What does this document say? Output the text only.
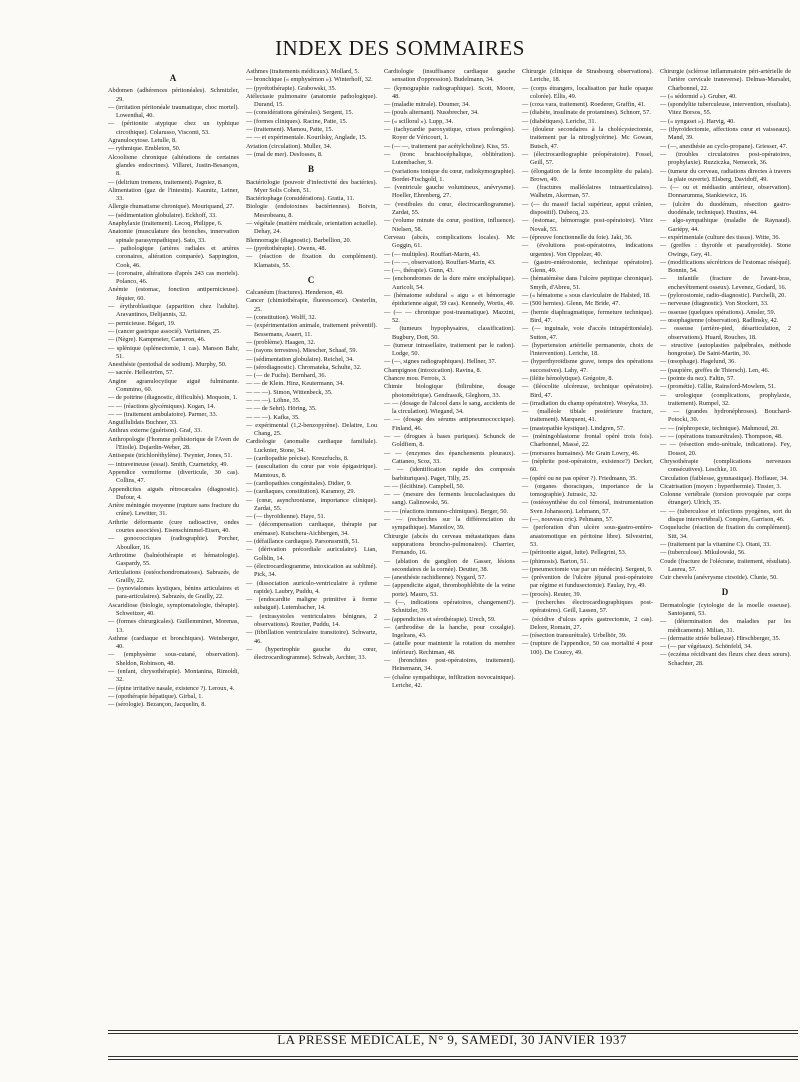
INDEX DES SOMMAIRES
A
Abdomen (adhérences péritonéales). Schmitzler, 29.
— (irritation péritonéale traumatique, choc mortel). Lowenthal, 40.
— (péritonite atypique chez un typhique circothique). Colarusso, Visconti, 53.
Agranulocytose. Letulle, 8.
— rythmique. Embleton, 50.
Alcoolisme chronique (altérations de certaines glandes endocrines). Villaret, Justin-Besançon, 8.
— (delirium tremens, traitement). Pagniez, 8.
Alimentation (gaz de l'intestin). Kaunitz, Leiner, 33.
Allergie rhumatisme chronique). Mouriquand, 27.
— (sédimentation globulaire). Eckhoff, 33.
Anaphylaxie (traitement). Lecoq, Philippe, 6.
Anatomie (musculature des bronches, innervation spinale parasympathique). Sato, 33.
— pathologique (artères radiales et artères coronaires, altération comparée). Sappington, Cook, 46.
— (coronaire, altérations d'après 243 cas mortels). Polanco, 46.
Anémie (estomac, fonction antipernicieuse). Jéquier, 60.
— érythroblastique (apparition chez l'adulte). Aravantinos, Delijannis, 32.
— pernicieuse. Bégart, 19.
— (cancer gastrique associé). Vartiainen, 25.
— (Nègre). Kampmeier, Cameron, 46.
— splénique (splénectomie, 1 cas). Manson Bahr, 51.
Anesthésie (pentothal de sodium). Murphy, 50.
— sacrée. Helleström, 57.
Angine agranulocytique aiguë fulminante. Commino, 60.
— de poitrine (diagnostic, difficultés). Moquoin, 1.
— — (réactions glycémiques). Kogan, 14.
— — (traitement ambulatoire). Parmer, 33.
Anguillulidais Buchner, 33.
Anthrax externe (guérison). Graf, 33.
Anthropologie (l'homme préhistorique de l'Aven de l'Etoile). Dujardin-Weber, 28.
Antisepsie (trichloréthylène). Twynter, Jones, 51.
— intraveineuse (essai). Smith, Czarnetzky, 49.
Appendice vermiforme (diverticule, 30 cas). Collins, 47.
Appendicites aiguës rétrocæcales (diagnostic). Dufour, 4.
Artère méningée moyenne (rupture sans fracture du crâne). Lewitter, 31.
Arthrite déformante (cure radioactive, ondes courtes associées). Eisenschimmel-Eisen, 40.
— gonococciques (radiographie). Porcher, Aboulker, 16.
Arthrotime (balnéothérapie et hématologie). Gaspardy, 55.
Articulations (ostéochondromatoses). Sabrazès, de Grailly, 22.
— (synovialomes kystiques, bénins articulaires et para-articulaires). Sabrazès, de Grailly, 22.
Ascaridiose (biologie, symptomatologie, thérapie). Schweitzer, 40.
— (formes chirurgicales). Guillemminet, Morenas, 13.
Asthme (cardiaque et bronchiques). Weinberger, 40.
— (emphysème sous-cutané, observation). Sheldon, Robinson, 48.
— (enfant, chrysothérapie). Montanina, Rimoldi, 32.
— (épine irritative nasale, existence ?). Leroux, 4.
— (opothérapie hépatique). Girbal, 1.
— (sérologie). Bezançon, Jacquelin, 8.
Asthmes (traitements médicaux). Mollard, 5.
— bronchique (« emphysémon »). Winterhoff, 32.
— (pyrétothérapie). Grabowski, 35.
Atélectasie pulmonaire (anatomie pathologique). Durand, 15.
— (considérations générales). Sergent, 15.
— (formes cliniques). Racine, Patte, 15.
— (traitement). Mamou, Patte, 15.
— — et expérimentale. Kourilsky, Anglade, 15.
Aviation (circulation). Muller, 34.
— (mal de mer). Desfosses, 8.
B
Bactériologie (pouvoir d'infectivité des bactéries). Myer Solis Cohen, 51.
Bactériophage (considérations). Gratia, 11.
Biologie (endotoxines bactériennes). Boivin, Mesrobeanu, 8.
— végétale (matière médicale, orientation actuelle). Dehay, 24.
Blennorragie (diagnostic). Barbellion, 20.
— (pyrétothérapie). Owens, 48.
— (réaction de fixation du complément). Klamatsis, 55.
C
Calcanéum (fractures). Henderson, 49.
Cancer (chimiothérapie, fluorescence). Oesterlin, 25.
— (constitution). Wolff, 32.
— (expérimentation animale, traitement préventif). Bessemans, Asaert, 11.
— (problème). Haagen, 32.
— (rayons terrestres). Miescher, Schaaf, 59.
— (sédimentation globulaire). Reichel, 34.
— (sérodiagnostic). Chromateka, Schulte, 32.
— (— de Fuchs). Bernhard, 36.
— — de Klein. Hinz, Keutermann, 34.
— — —). Simon, Wittenbeck, 35.
— — —). Löhne, 35.
— — de Sehrt). Höring, 35.
— — —). Kafka, 35.
— expérimental (1,2-benzopyrène). Delaitre, Lou Chang, 25.
Cardiologie (anomalie cardiaque familiale). Lucknier, Stone, 34.
— (cardiopathie précise). Kreuzfuchs, 8.
— (auscultation du cœur par voie épigastrique). Mamtoux, 8.
— (cardiopathies congénitales). Didier, 9.
— (cardiaques, constitution). Karamoy, 29.
— (cœur, asynchronisme, importance clinique). Zardat, 55.
— (— thyroïdienne). Haye, 51.
— (décompensation cardiaque, thérapie par enémase). Kutschera-Aichbergen, 34.
— (défaillance cardiaque). Parsonssmith, 51.
— (dérivation précordiale auriculaire). Lian, Golblin, 14.
— (électrocardiogramme, intoxication au sublimé). Pick, 34.
— (dissociation auriculo-ventriculaire à rythme rapide). Laubry, Puddu, 4.
— (endocardite maligne primitive à forme subaiguë). Lutembacher, 14.
— (extrasystoles ventriculaires bénignes, 2 observations). Routier, Puddu, 14.
— (fibrillation ventriculaire transitoire). Schwartz, 46.
— (hypertrophie gauche du cœur, électrocardiogramme). Schwab, Aechter, 33.
Cardiologie (insuffisance cardiaque gauche sensation d'oppression). Budelmann, 34.
— (kymographie radiographique). Scott, Moore, 48.
— (maladie mitrale). Doumer, 34.
— (pouls alternant). Nussbrecher, 34.
— (« scilloral »). Lupp, 34.
— (tachycardie paroxystique, crises prolongées). Royer de Véricourt, 1.
— (— —, traitement par acétylcholine). Kiss, 55.
— (tronc brachiocéphalique, oblitération). Lutembacher, 9.
— (variations tonique du cœur, radiokymographie). Bordet-Fischgold, 1.
— (ventricule gauche volumineux, anévrysme). Hoeller, Ehrenberg, 27.
— (vestibules du cœur, électrocardiogramme). Zardat, 55.
— (volume minute du cœur, position, influence). Nielsen, 58.
Cerveau (abcès, complications locales). Mc Goggin, 61.
— (— multiples). Rouffart-Marin, 43.
— (— —, observation). Rouffart-Marin, 43.
— (—, thérapie). Gunn, 43.
— (enchondromes de la dure mère encéphalique). Auricoli, 54.
— (hématome subdural « aigu » et hémorragie épidurienne aiguë, 59 cas). Kennedy, Wortis, 49.
— (— — chronique post-traumatique). Mazzini, 52.
— (tumeurs hypophysaires, classification). Bugbury, Dott, 50.
— (tumeur intrasellaire, traitement par le radon). Lodge, 50.
— (—, signes radiographiques). Hellner, 37.
Champignon (intoxication). Ravina, 8.
Chancre mou. Ferrois, 3.
Chimie biologique (bilirubine, dosage photométrique). Gendrassik, Gleghorn, 33.
— — (dosage de l'alcool dans le sang, accidents de la circulation). Wiegand, 34.
— — (dosage des sérums antipneumococcique). Finland, 46.
— — (drogues à bases puriques). Schunck de Goldfiem, 8.
— — (enzymes des épanchements pleuraux). Cattaneo, Scoz, 33.
— — (identification rapide des composés barbituriques). Paget, Tilly, 25.
— — (lécithine). Campbell, 50.
— — (mesure des ferments leucolaclasiques du sang). Galinowski, 56.
— — (réactions immuno-chimiques). Berger, 50.
— — (recherches sur la différenciation du sympathique). Manoilov, 39.
Chirurgie (abcès du cerveau métastatiques dans suppurations broncho-pulmonaires). Charrier, Fernando, 16.
— (ablation du ganglion de Gasser, lésions secondaires de la cornée). Deutter, 38.
— (anesthésie rachidienne). Nygard, 57.
— (appendicite aiguë, thrombophlébite de la veine porte). Mauro, 53.
— (—, indications opératoires, changement?). Schnitzler, 39.
— (appendicites et sérothérapie). Urech, 59.
— (arthrodèse de la hanche, pour coxalgie). Ingelrans, 43.
— (attelle pour maintenir la rotation du membre inférieur). Rechtman, 48.
— (bronchites post-opératoires, traitement). Heinemann, 34.
— (chaîne sympathique, infiltration novocainique). Leriche, 42.
Chirurgie (clinique de Strasbourg observations). Leriche, 18.
— (corps étrangers, localisation par huile opaque colorée). Ellis, 49.
— (coxa vara, traitement). Roederer, Graffin, 41.
— (diabète, insulinate de protamines). Schnorr, 57.
— (diabétiques). Leriche, 31.
— (douleur secondaires à la cholécystectomie, traitement par la nitroglycérine). Mc Gowan, Butsch, 47.
— (électrocardiographie préopératoire). Fossel, Geill, 57.
— (élongation de la fente incomplète du palais). Brown, 49.
— (fractures malléolaires intraarticulaires). Walheim, Akerman, 57.
— (— du massif facial supérieur, appui crânien, dispositif). Dubecq, 23.
— (estomac, hémorragie post-opératoire). Vitez Novak, 55.
— (épreuve fonctionnelle du foie). Jaki, 36.
— (évolutions post-opératoires, indications urgentes). Von Oppolzer, 40.
— (gastro-entérostomie, technique opératoire). Glenn, 49.
— (hématémèse dans l'ulcère peptique chronique). Smyth, d'Abreu, 51.
— (« hématome » sous claviculaire de Halsted, 18.
— (500 hernies). Glenn, Mc Bride, 47.
— (hernie diaphragmatique, fermeture technique). Bird, 47.
— (— inguinale, voie d'accès intrapéritonéale). Sutton, 47.
— (hypertension artérielle permanente, choix de l'intervention). Leriche, 18.
— (hyperthyroïdisme grave, temps des opérations successives). Lahy, 47.
— (iléite hémolytique). Grégoire, 8.
— (iléocolite ulcéreuse, technique opératoire). Bird, 47.
— (irradiation du champ opératoire). Woeyka, 33.
— (malléole tibiale postérieure fracture, traitement). Marquent, 41.
— (mastopathie kystique). Lindgren, 57.
— (méningoblastome frontal opéré trois fois). Charbonnel, Massé, 22.
— (morsures humaines). Mc Grain Lowry, 46.
— (néphrite post-opératoire, existence?) Decker, 60.
— (opéré ou ne pas opérer ?). Friedmann, 35.
— (organes thoraciques, importance de la tomographie). Jutrasic, 32.
— (ostéosynthèse du col fémoral, instrumentation Sven Johansson). Lehmann, 57.
— (—, nouveau cric). Pehmann, 57.
— (perforation d'un ulcère sous-gastro-entéro-anastomotique en péritoine libre). Silvestrini, 53.
— (péritonite aiguë, lutte). Pellegrini, 53.
— (phimosis). Barton, 51.
— (pneumectomie vue par un médecin). Sergent, 9.
— (prévention de l'ulcère jéjunal post-opératoire par régime et fundusectomie). Faulay, Ivy, 49.
— (procès). Reuter, 39.
— (recherches électrocardiographiques post-opératoires). Geill, Lassen, 57.
— (récidive d'ulcus après gastrectomie, 2 cas). Delore, Romain, 27.
— (résection transurétrale). Urbelhör, 39.
— (rupture de l'appendice, 50 cas mortalité 4 pour 100). De Courcy, 49.
Chirurgie (sclérose inflammatoire péri-artérielle de l'artère cervicale transverse). Delmas-Marsalet, Charbonnel, 22.
— (« sédormid »). Gruber, 40.
— (spondylite tuberculeuse, intervention, résultats). Vitez Borsos, 55.
— (« syngaset »). Harvig, 40.
— (thyroïdectomie, affections cœur et vaisseaux). Mand, 39.
— (—, anesthésie au cyclo-propane). Griesser, 47.
— (troubles circulatoires post-opératoires, prophylaxie). Ruzziczka, Nemecek, 36.
— (tumeur du cerveau, radiations directes à travers la plaie ouverte). Elsberg, Davidoff, 49.
— (— ou et médiastin antérieur, observation). Donnarumma, Stankiewicz, 16.
— (ulcère du duodénum, résection gastro-duodénale, technique). Hustinx, 44.
— algo-sympathique (maladie de Raynaud). Gariépy, 44.
— expérimentale (culture des tissus). Witte, 36.
— (greffes : thyroïde et parathyroïde). Stone Owings, Gey, 41.
— (modifications sécrétrices de l'estomac réséqué). Bonnin, 54.
— infantile (fracture de l'avant-bras, enchevêtrement osseux). Levenez, Godard, 16.
— (pylorostomie, radio-diagnostic). Parchelli, 20.
— nerveuse (diagnostic). Von Stockert, 33.
— osseuse (quelques opérations). Amsler, 59.
— œsophagienne (observation). Radlinsky, 42.
— osseuse (arrière-pied, désarticulation, 2 observations). Huard, Rouches, 18.
— structive (autoplasties palpébrales, méthode hongroise). De Saint-Martin, 30.
— (œsophage). Hagelund, 36.
— (paupière, greffes de Thiersch). Len, 46.
— (pointe du nez). Faltin, 57.
— (prométie). Gillie, Rainsford-Mowlem, 51.
— urologique (complications, prophylaxie, traitement). Rumpel, 32.
— — (grandes hydronéphroses). Bouchard-Potocki, 30.
— — (néphropexie, technique). Mahmoud, 20.
— — (opérations transurétrales). Thompson, 48.
— — (résection endo-urétrale, indications). Fey, Dossot, 20.
Chrysothérapie (complications nerveuses consécutives). Leschke, 10.
Circulation (faiblesse, gymnastique). Hoffauer, 34.
Cicatrisation (moyen : hyperthermie). Tissier, 3.
Colonne vertébrale (torsion provoquée par corps étranger). Ulrich, 35.
— — (tuberculose et infections pyogènes, sort du disque intervertébral). Compère, Garrison, 46.
Coqueluche (réaction de fixation du complément). Sitt, 34.
— (traitement par la vitamine C). Otani, 33.
— (tuberculose). Mikulowski, 56.
Coude (fracture de l'olécrane, traitement, résultats). Laurea, 57.
Cuir chevelu (anévrysme cirsoïde). Clunie, 50.
D
Dermatologie (cytologie de la moelle osseuse). Santojanni, 53.
— (détermination des maladies par les médicaments). Milian, 31.
— (dermatite striée bulleuse). Hirschberger, 35.
— (— par végétaux). Schönfeld, 34.
— (eczéma récidivant des fleurs chez deux sœurs). Schachter, 28.
LA PRESSE MEDICALE, N° 9, SAMEDI, 30 JANVIER 1937
